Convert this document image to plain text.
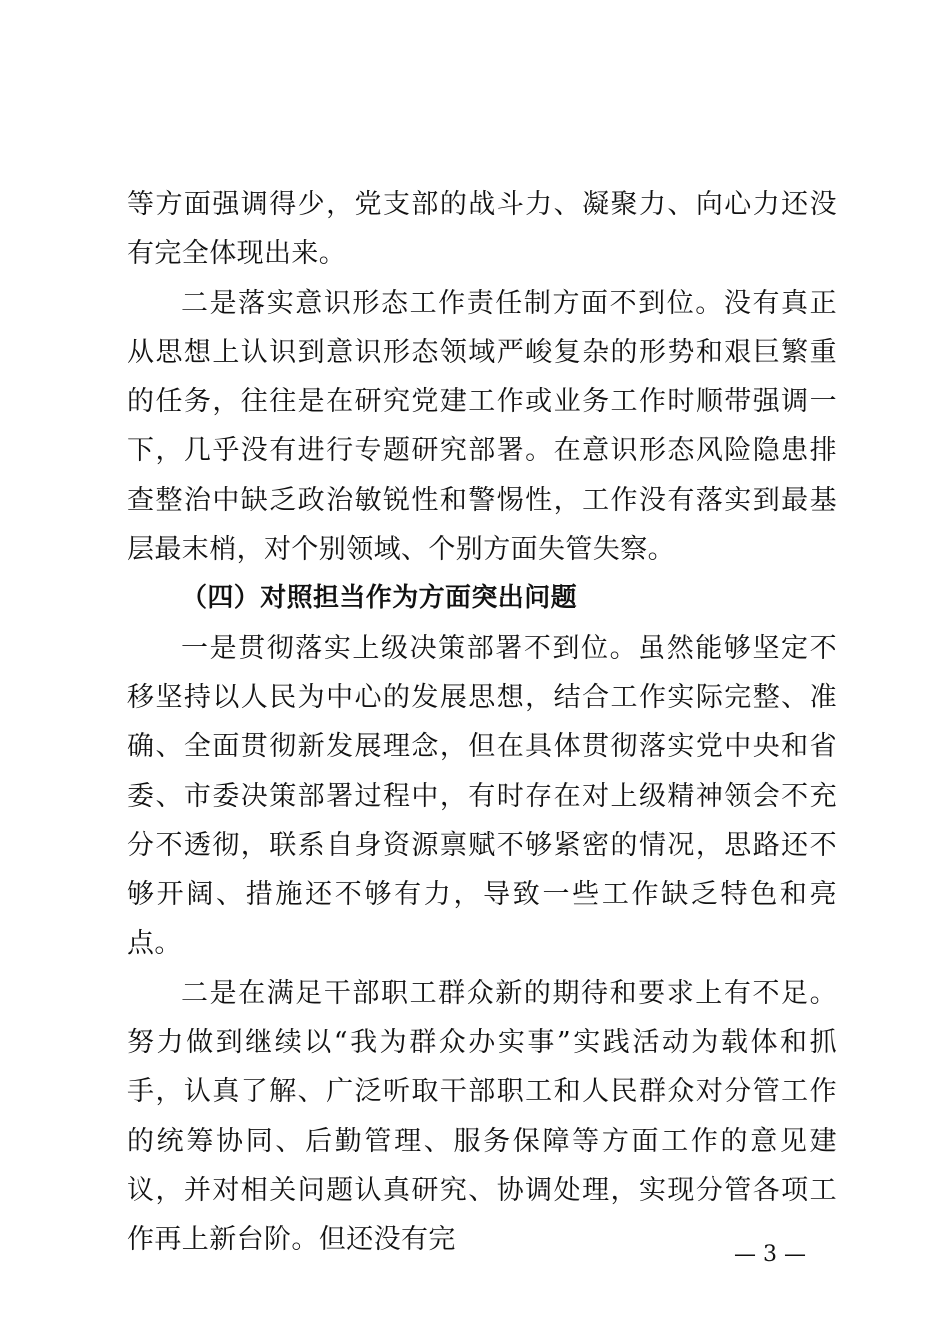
等方面强调得少，党支部的战斗力、凝聚力、向心力还没有完全体现出来。

二是落实意识形态工作责任制方面不到位。没有真正从思想上认识到意识形态领域严峻复杂的形势和艰巨繁重的任务，往往是在研究党建工作或业务工作时顺带强调一下，几乎没有进行专题研究部署。在意识形态风险隐患排查整治中缺乏政治敏锐性和警惕性，工作没有落实到最基层最末梢，对个别领域、个别方面失管失察。

（四）对照担当作为方面突出问题

一是贯彻落实上级决策部署不到位。虽然能够坚定不移坚持以人民为中心的发展思想，结合工作实际完整、准确、全面贯彻新发展理念，但在具体贯彻落实党中央和省委、市委决策部署过程中，有时存在对上级精神领会不充分不透彻，联系自身资源禀赋不够紧密的情况，思路还不够开阔、措施还不够有力，导致一些工作缺乏特色和亮点。

二是在满足干部职工群众新的期待和要求上有不足。努力做到继续以“我为群众办实事”实践活动为载体和抓手，认真了解、广泛听取干部职工和人民群众对分管工作的统筹协同、后勤管理、服务保障等方面工作的意见建议，并对相关问题认真研究、协调处理，实现分管各项工作再上新台阶。但还没有完	— 3 —
